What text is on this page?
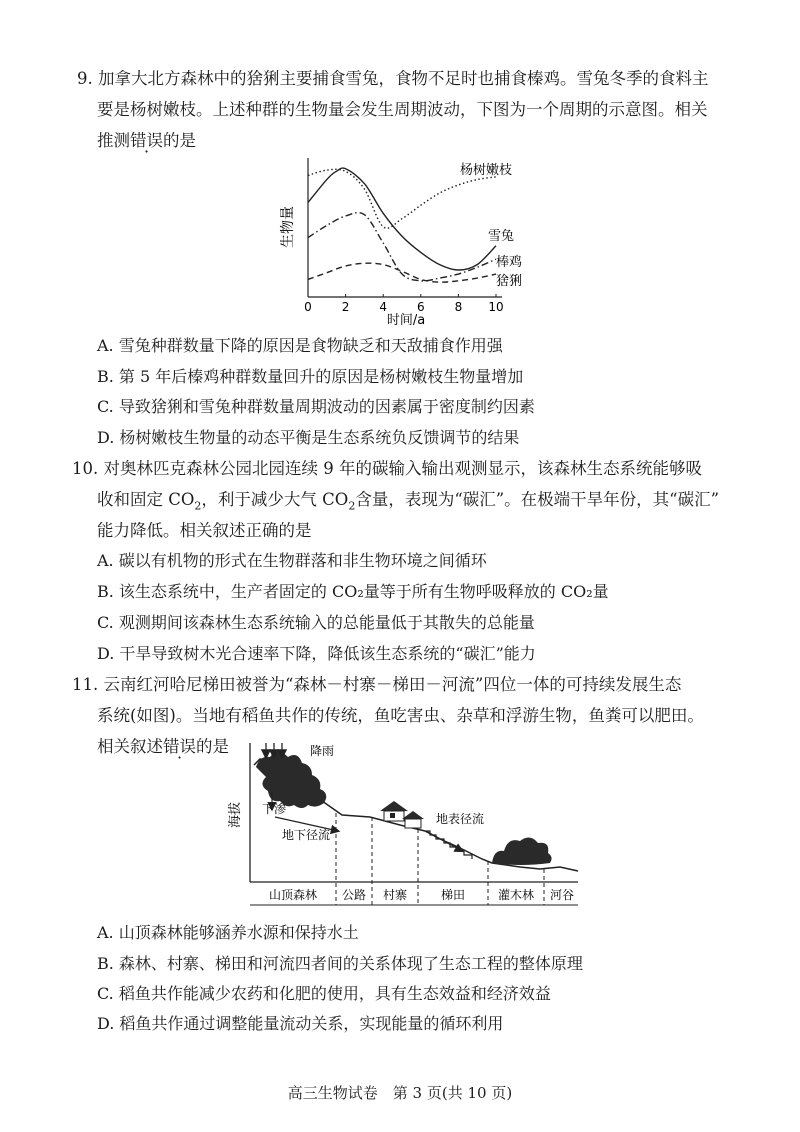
9. 加拿大北方森林中的猞猁主要捕食雪兔，食物不足时也捕食榛鸡。雪兔冬季的食料主
要是杨树嫩枝。上述种群的生物量会发生周期波动，下图为一个周期的示意图。相关
推测错误的是
0 2 4 6 8 10
生物量
时间/a
杨树嫩枝
雪兔
棒鸡
猞猁
A. 雪兔种群数量下降的原因是食物缺乏和天敌捕食作用强
B. 第 5 年后榛鸡种群数量回升的原因是杨树嫩枝生物量增加
C. 导致猞猁和雪兔种群数量周期波动的因素属于密度制约因素
D. 杨树嫩枝生物量的动态平衡是生态系统负反馈调节的结果
10. 对奥林匹克森林公园北园连续 9 年的碳输入输出观测显示，该森林生态系统能够吸
收和固定 $CO_2$，利于减少大气 $CO_2$含量，表现为“碳汇”。在极端干旱年份，其“碳汇”
能力降低。相关叙述正确的是
A. 碳以有机物的形式在生物群落和非生物环境之间循环
B. 该生态系统中，生产者固定的 CO₂量等于所有生物呼吸释放的 CO₂量
C. 观测期间该森林生态系统输入的总能量低于其散失的总能量
D. 干旱导致树木光合速率下降，降低该生态系统的“碳汇”能力
11. 云南红河哈尼梯田被誉为“森林－村寨－梯田－河流”四位一体的可持续发展生态
系统(如图)。当地有稻鱼共作的传统，鱼吃害虫、杂草和浮游生物，鱼粪可以肥田。
相关叙述错误的是
海拔
降雨
下渗
地下径流
地表径流
山顶森林 公路 村寨	梯田	灌木林 河谷
A. 山顶森林能够涵养水源和保持水土
B. 森林、村寨、梯田和河流四者间的关系体现了生态工程的整体原理
C. 稻鱼共作能减少农药和化肥的使用，具有生态效益和经济效益
D. 稻鱼共作通过调整能量流动关系，实现能量的循环利用
高三生物试卷　第 3 页(共 10 页)
